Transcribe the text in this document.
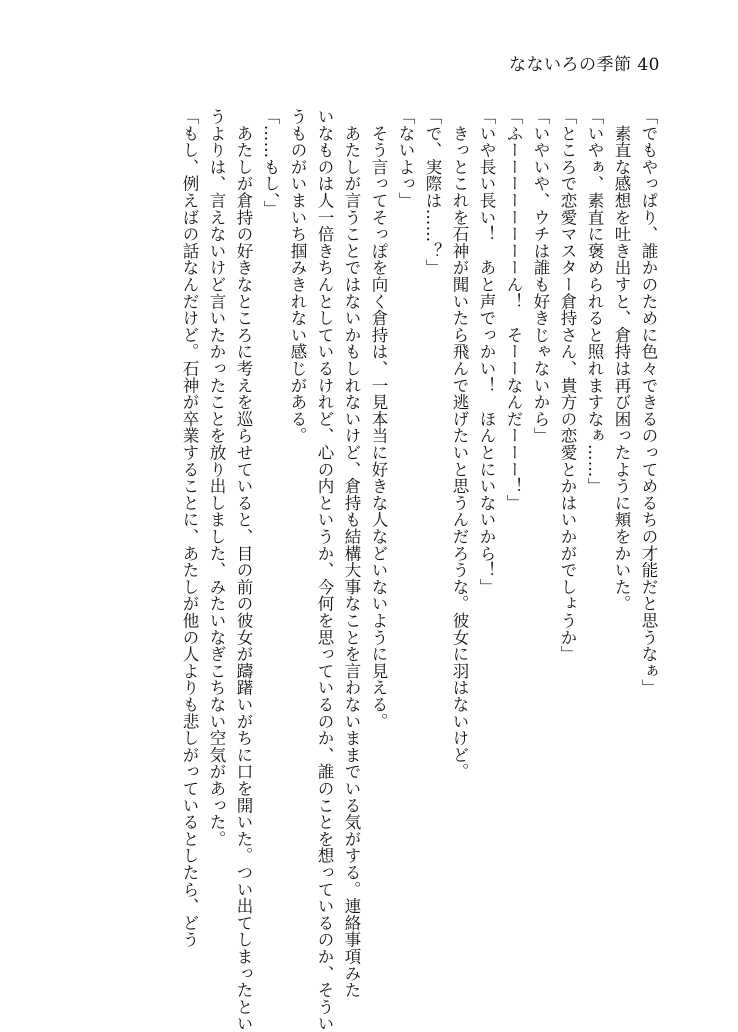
なないろの季節 40
「でもやっぱり、誰かのために色々できるのってめるちの才能だと思うなぁ」
　素直な感想を吐き出すと、倉持は再び困ったように頬をかいた。
「いやぁ、素直に褒められると照れますなぁ……」
「ところで恋愛マスター倉持さん、貴方の恋愛とかはいかがでしょうか」
「いやいや、ウチは誰も好きじゃないから」
「ふーーーーーーーーん！　そーーなんだーーー！」
「いや長い長い！　あと声でっかい！　ほんとにいないから！」
　きっとこれを石神が聞いたら飛んで逃げたいと思うんだろうな。彼女に羽はないけど。
「で、実際は……？」
「ないよっ」
　そう言ってそっぽを向く倉持は、一見本当に好きな人などいないように見える。
　あたしが言うことではないかもしれないけど、倉持も結構大事なことを言わないままでいる気がする。連絡事項みた
いなものは人一倍きちんとしているけれど、心の内というか、今何を思っているのか、誰のことを想っているのか、そうい
うものがいまいち掴みきれない感じがある。
「……もし、」
　あたしが倉持の好きなところに考えを巡らせていると、目の前の彼女が躊躇いがちに口を開いた。つい出てしまったとい
うよりは、言えないけど言いたかったことを放り出しました、みたいなぎこちない空気があった。
「もし、例えばの話なんだけど。石神が卒業することに、あたしが他の人よりも悲しがっているとしたら、どう
